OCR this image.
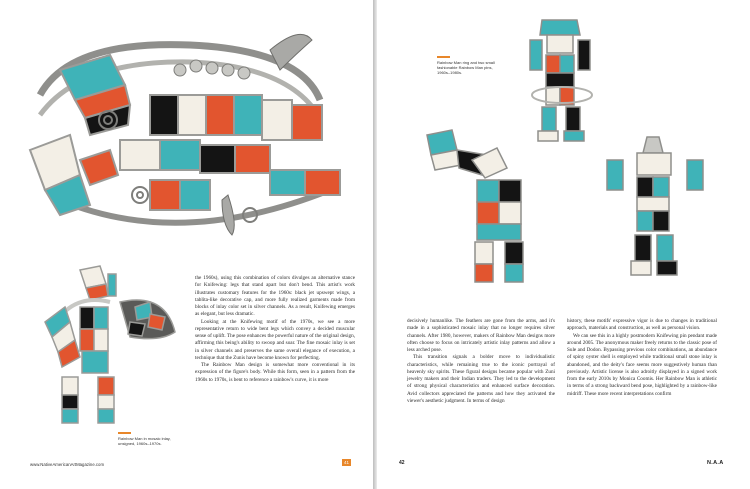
Rainbow Man in mosaic inlay,
unsigned, 1960s–1970s.

the 1960s), using this combination of colors divulges an alternative stance for Knifewing: legs that stand apart but don't bend. This artist's work illustrates customary features for the 1960s: black jet upswept wings, a tablita-like decorative cap, and more fully realized garments made from blocks of inlay color set in silver channels. As a result, Knifewing emerges as elegant, but less dramatic.

Looking at the Knifewing motif of the 1970s, we see a more representative return to wide bent legs which convey a decided muscular sense of uplift. The pose enhances the powerful nature of the original design, affirming this being's ability to swoop and soar. The fine mosaic inlay is set in silver channels and preserves the same overall elegance of execution, a technique that the Zunis have become known for perfecting.

The Rainbow Man design is somewhat more conventional in its expression of the figure's body. While this form, seen in a pattern from the 1960s to 1970s, is bent to reference a rainbow's curve, it is more

www.NativeAmericanArtMagazine.com	41
Rainbow Man ring and two small
fashionable Rainbow Man pins,
1960s–1980s.

decisively humanlike. The feathers are gone from the arms, and it's made in a sophisticated mosaic inlay that no longer requires silver channels. After 1980, however, makers of Rainbow Man designs more often choose to focus on intricately artistic inlay patterns and allow a less arched pose.

This transition signals a bolder move to individualistic characteristics, while remaining true to the iconic portrayal of heavenly sky spirits. These figural designs became popular with Zuni jewelry makers and their Indian traders. They led to the development of strong physical characteristics and enhanced surface decoration. Avid collectors appreciated the patterns and how they activated the viewer's aesthetic judgment. In terms of design

history, these motifs' expressive vigor is due to changes in traditional approach, materials and construction, as well as personal vision.

We can see this in a highly postmodern Knifewing pin pendant made around 2005. The anonymous maker freely returns to the classic pose of Sule and Dodon. Bypassing previous color combinations, an abundance of spiny oyster shell is employed while traditional small stone inlay is abandoned, and the deity's face seems more suggestively human than previously. Artistic license is also adroitly displayed in a signed work from the early 2010s by Monica Coomis. Her Rainbow Man is athletic in terms of a strong backward bend pose, highlighted by a rainbow-like midriff. These more recent interpretations confirm

42	N.A.A
